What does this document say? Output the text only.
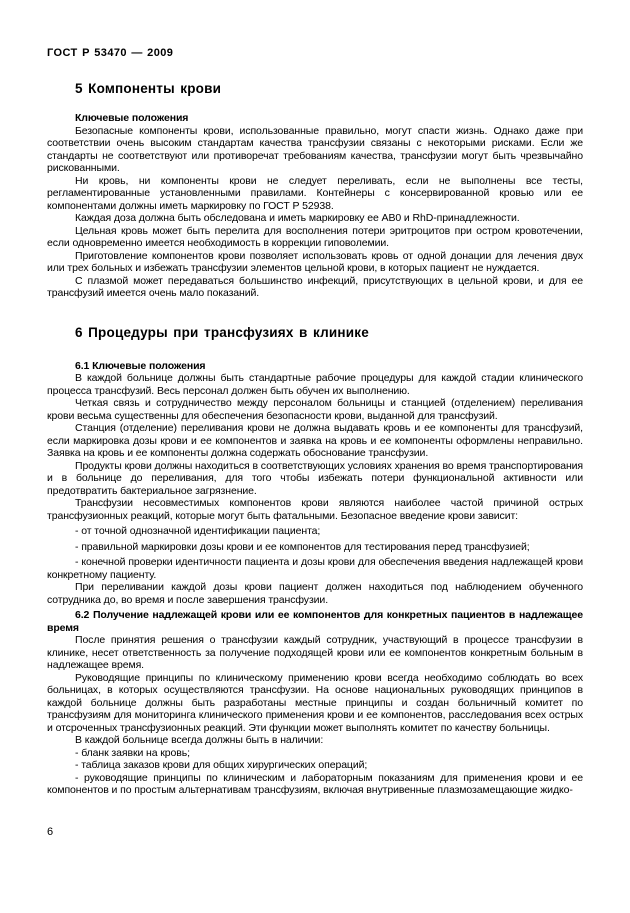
ГОСТ Р 53470 — 2009
5 Компоненты крови

Ключевые положения

Безопасные компоненты крови, использованные правильно, могут спасти жизнь. Однако даже при соответствии очень высоким стандартам качества трансфузии связаны с некоторыми рисками. Если же стандарты не соответствуют или противоречат требованиям качества, трансфузии могут быть чрезвычайно рискованными.

Ни кровь, ни компоненты крови не следует переливать, если не выполнены все тесты, регламентированные установленными правилами. Контейнеры с консервированной кровью или ее компонентами должны иметь маркировку по ГОСТ Р 52938.

Каждая доза должна быть обследована и иметь маркировку ее АВ0 и RhD-принадлежности.

Цельная кровь может быть перелита для восполнения потери эритроцитов при остром кровотечении, если одновременно имеется необходимость в коррекции гиповолемии.

Приготовление компонентов крови позволяет использовать кровь от одной донации для лечения двух или трех больных и избежать трансфузии элементов цельной крови, в которых пациент не нуждается.

С плазмой может передаваться большинство инфекций, присутствующих в цельной крови, и для ее трансфузий имеется очень мало показаний.

6 Процедуры при трансфузиях в клинике

6.1 Ключевые положения

В каждой больнице должны быть стандартные рабочие процедуры для каждой стадии клинического процесса трансфузий. Весь персонал должен быть обучен их выполнению.

Четкая связь и сотрудничество между персоналом больницы и станцией (отделением) переливания крови весьма существенны для обеспечения безопасности крови, выданной для трансфузий.

Станция (отделение) переливания крови не должна выдавать кровь и ее компоненты для трансфузий, если маркировка дозы крови и ее компонентов и заявка на кровь и ее компоненты оформлены неправильно. Заявка на кровь и ее компоненты должна содержать обоснование трансфузии.

Продукты крови должны находиться в соответствующих условиях хранения во время транспортирования и в больнице до переливания, для того чтобы избежать потери функциональной активности или предотвратить бактериальное загрязнение.

Трансфузии несовместимых компонентов крови являются наиболее частой причиной острых трансфузионных реакций, которые могут быть фатальными. Безопасное введение крови зависит:

- от точной однозначной идентификации пациента;

- правильной маркировки дозы крови и ее компонентов для тестирования перед трансфузией;

- конечной проверки идентичности пациента и дозы крови для обеспечения введения надлежащей крови конкретному пациенту.

При переливании каждой дозы крови пациент должен находиться под наблюдением обученного сотрудника до, во время и после завершения трансфузии.

6.2 Получение надлежащей крови или ее компонентов для конкретных пациентов в надлежащее время

После принятия решения о трансфузии каждый сотрудник, участвующий в процессе трансфузии в клинике, несет ответственность за получение подходящей крови или ее компонентов конкретным больным в надлежащее время.

Руководящие принципы по клиническому применению крови всегда необходимо соблюдать во всех больницах, в которых осуществляются трансфузии. На основе национальных руководящих принципов в каждой больнице должны быть разработаны местные принципы и создан больничный комитет по трансфузиям для мониторинга клинического применения крови и ее компонентов, расследования всех острых и отсроченных трансфузионных реакций. Эти функции может выполнять комитет по качеству больницы.

В каждой больнице всегда должны быть в наличии:

- бланк заявки на кровь;

- таблица заказов крови для общих хирургических операций;

- руководящие принципы по клиническим и лабораторным показаниям для применения крови и ее компонентов и по простым альтернативам трансфузиям, включая внутривенные плазмозамещающие жидко-

6
